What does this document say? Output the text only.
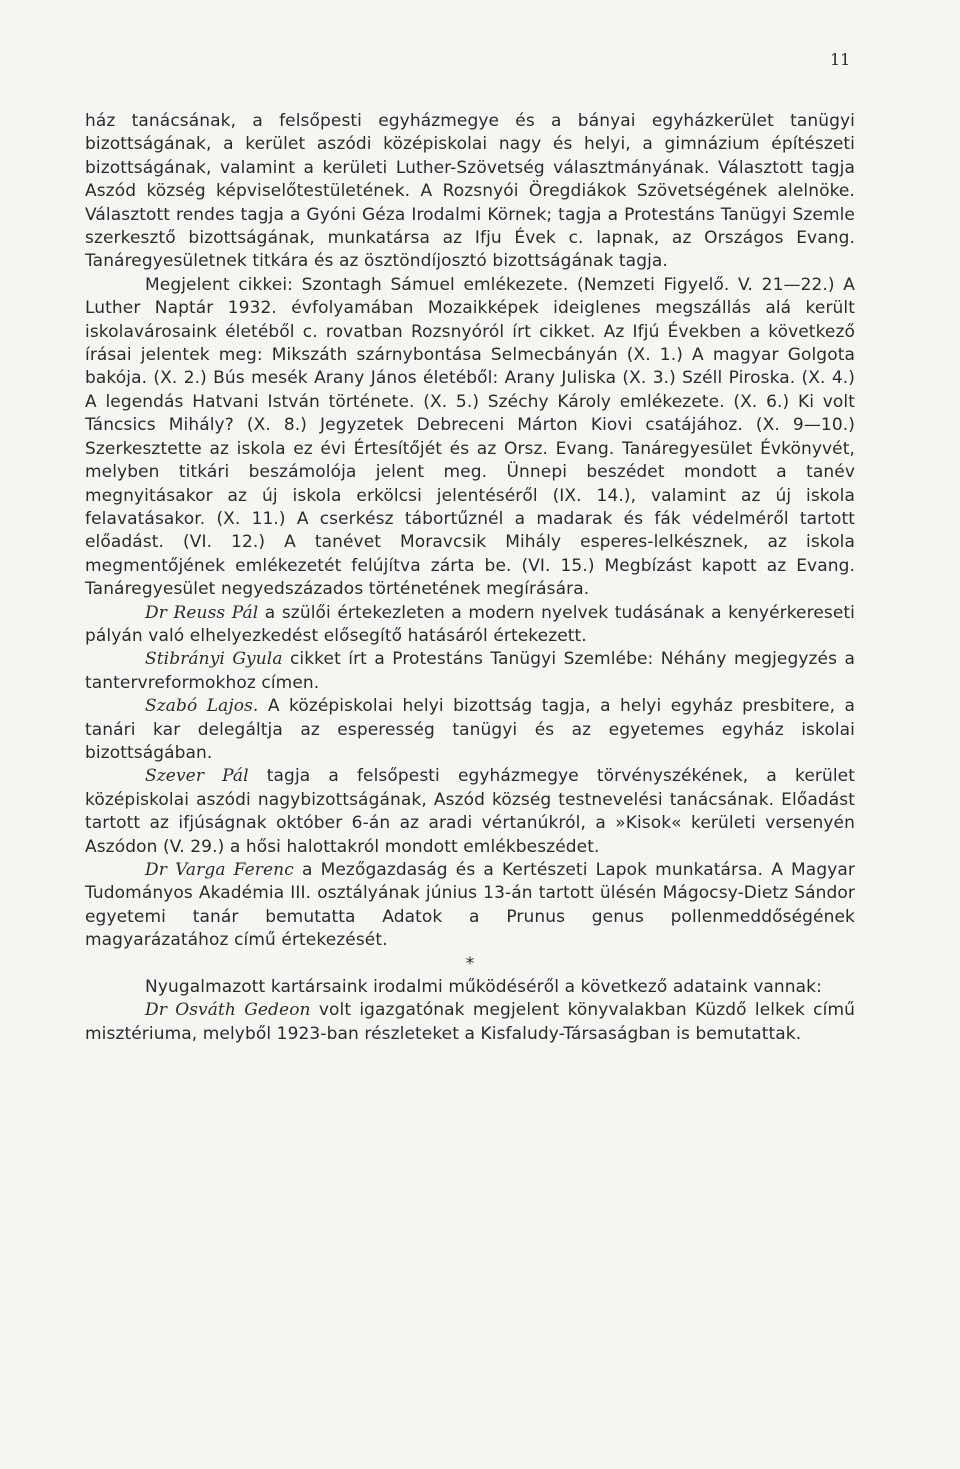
11

ház tanácsának, a felsőpesti egyházmegye és a bányai egyházkerület tanügyi bizottságának, a kerület aszódi középiskolai nagy és helyi, a gimnázium építészeti bizottságának, valamint a kerületi Luther-Szövetség választmányának. Választott tagja Aszód község képviselőtestületének. A Rozsnyói Öregdiákok Szövetségének alelnöke. Választott rendes tagja a Gyóni Géza Irodalmi Körnek; tagja a Protestáns Tanügyi Szemle szerkesztő bizottságának, munkatársa az Ifju Évek c. lapnak, az Országos Evang. Tanáregyesületnek titkára és az ösztöndíjosztó bizottságának tagja.

Megjelent cikkei: Szontagh Sámuel emlékezete. (Nemzeti Figyelő. V. 21—22.) A Luther Naptár 1932. évfolyamában Mozaikképek ideiglenes megszállás alá került iskolavárosaink életéből c. rovatban Rozsnyóról írt cikket. Az Ifjú Években a következő írásai jelentek meg: Mikszáth szárnybontása Selmecbányán (X. 1.) A magyar Golgota bakója. (X. 2.) Bús mesék Arany János életéből: Arany Juliska (X. 3.) Széll Piroska. (X. 4.) A legendás Hatvani István története. (X. 5.) Széchy Károly emlékezete. (X. 6.) Ki volt Táncsics Mihály? (X. 8.) Jegyzetek Debreceni Márton Kiovi csatájához. (X. 9—10.) Szerkesztette az iskola ez évi Értesítőjét és az Orsz. Evang. Tanáregyesület Évkönyvét, melyben titkári beszámolója jelent meg. Ünnepi beszédet mondott a tanév megnyitásakor az új iskola erkölcsi jelentéséről (IX. 14.), valamint az új iskola felavatásakor. (X. 11.) A cserkész tábortűznél a madarak és fák védelméről tartott előadást. (VI. 12.) A tanévet Moravcsik Mihály esperes-lelkésznek, az iskola megmentőjének emlékezetét felújítva zárta be. (VI. 15.) Megbízást kapott az Evang. Tanáregyesület negyedszázados történetének megírására.

Dr Reuss Pál a szülői értekezleten a modern nyelvek tudásának a kenyérkereseti pályán való elhelyezkedést elősegítő hatásáról értekezett.

Stibrányi Gyula cikket írt a Protestáns Tanügyi Szemlébe: Néhány megjegyzés a tantervreformokhoz címen.

Szabó Lajos. A középiskolai helyi bizottság tagja, a helyi egyház presbitere, a tanári kar delegáltja az esperesség tanügyi és az egyetemes egyház iskolai bizottságában.

Szever Pál tagja a felsőpesti egyházmegye törvényszékének, a kerület középiskolai aszódi nagybizottságának, Aszód község testnevelési tanácsának. Előadást tartott az ifjúságnak október 6-án az aradi vértanúkról, a »Kisok« kerületi versenyén Aszódon (V. 29.) a hősi halottakról mondott emlékbeszédet.

Dr Varga Ferenc a Mezőgazdaság és a Kertészeti Lapok munkatársa. A Magyar Tudományos Akadémia III. osztályának június 13-án tartott ülésén Mágocsy-Dietz Sándor egyetemi tanár bemutatta Adatok a Prunus genus pollenmeddőségének magyarázatához című értekezését.

*

Nyugalmazott kartársaink irodalmi működéséről a következő adataink vannak:

Dr Osváth Gedeon volt igazgatónak megjelent könyvalakban Küzdő lelkek című misztériuma, melyből 1923-ban részleteket a Kisfaludy-Társaságban is bemutattak.
